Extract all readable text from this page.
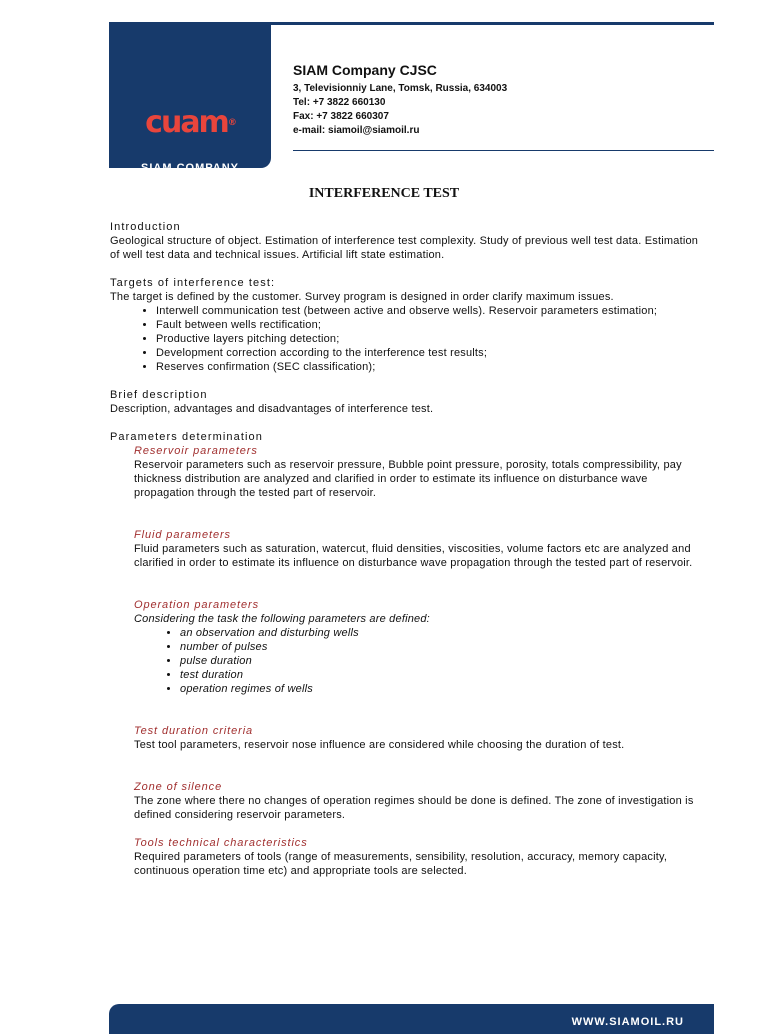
cuam®
SIAM COMPANY
SIAM Company CJSC
3, Televisionniy Lane, Tomsk, Russia, 634003
Tel: +7 3822 660130
Fax: +7 3822 660307
e-mail: siamoil@siamoil.ru
INTERFERENCE TEST

Introduction

Geological structure of object. Estimation of interference test complexity. Study of previous well test data. Estimation of well test data and technical issues. Artificial lift state estimation.

Targets of interference test:

The target is defined by the customer. Survey program is designed in order clarify maximum issues.

• Interwell communication test (between active and observe wells). Reservoir parameters estimation;
• Fault between wells rectification;
• Productive layers pitching detection;
• Development correction according to the interference test results;
• Reserves confirmation (SEC classification);

Brief description

Description, advantages and disadvantages of interference test.

Parameters determination

Reservoir parameters

Reservoir parameters such as reservoir pressure, Bubble point pressure, porosity, totals compressibility, pay thickness distribution are analyzed and clarified in order to estimate its influence on disturbance wave propagation through the tested part of reservoir.

Fluid parameters

Fluid parameters such as saturation, watercut, fluid densities, viscosities, volume factors etc are analyzed and clarified in order to estimate its influence on disturbance wave propagation through the tested part of reservoir.

Operation parameters

Considering the task the following parameters are defined:

• an observation and disturbing wells
• number of pulses
• pulse duration
• test duration
• operation regimes of wells

Test duration criteria

Test tool parameters, reservoir nose influence are considered while choosing the duration of test.

Zone of silence

The zone where there no changes of operation regimes should be done is defined. The zone of investigation is defined considering reservoir parameters.

Tools technical characteristics

Required parameters of tools (range of measurements, sensibility, resolution, accuracy, memory capacity, continuous operation time etc) and appropriate tools are selected.

WWW.SIAMOIL.RU
